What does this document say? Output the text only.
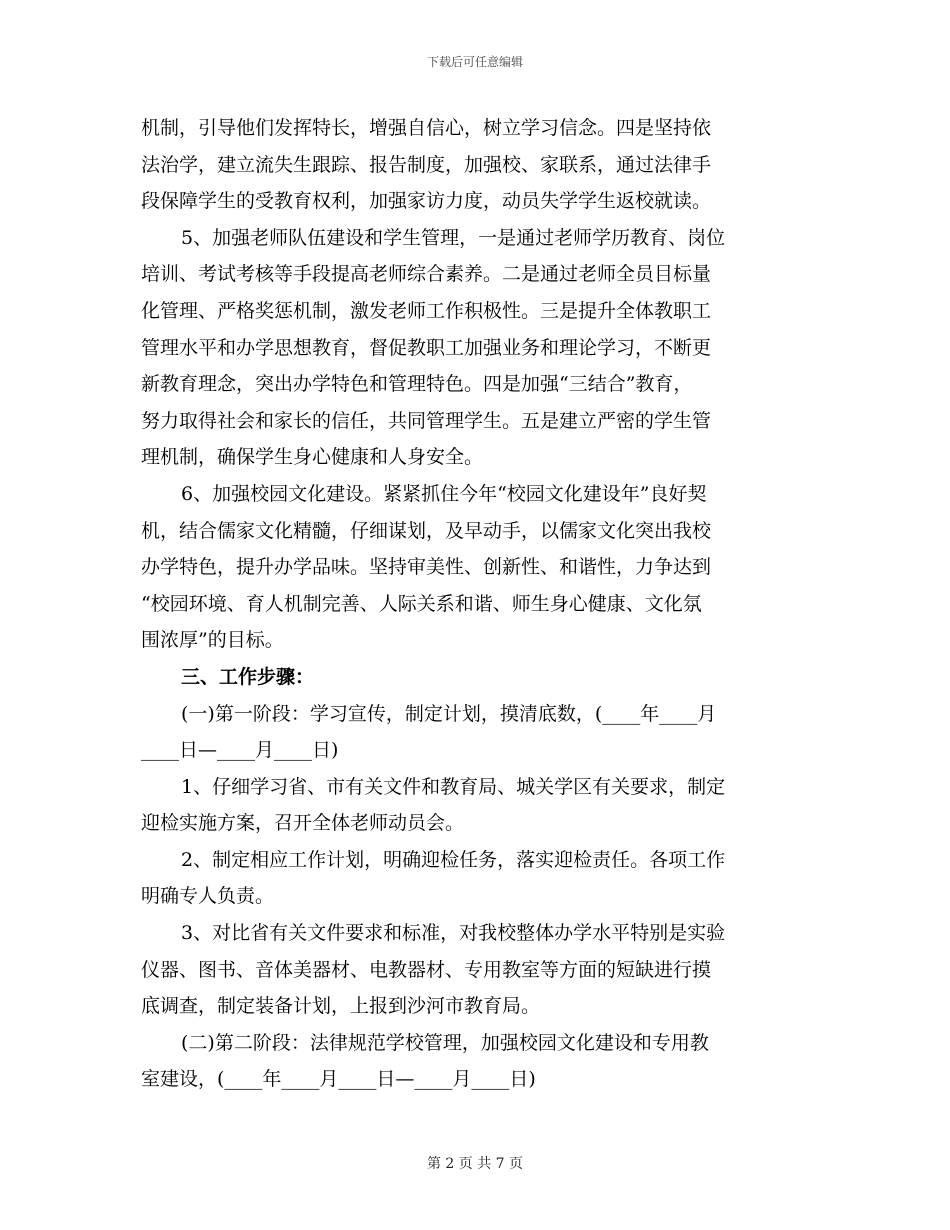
下载后可任意编辑
机制，引导他们发挥特长，增强自信心，树立学习信念。四是坚持依
法治学，建立流失生跟踪、报告制度，加强校、家联系，通过法律手
段保障学生的受教育权利，加强家访力度，动员失学学生返校就读。
5、加强老师队伍建设和学生管理，一是通过老师学历教育、岗位
培训、考试考核等手段提高老师综合素养。二是通过老师全员目标量
化管理、严格奖惩机制，激发老师工作积极性。三是提升全体教职工
管理水平和办学思想教育，督促教职工加强业务和理论学习，不断更
新教育理念，突出办学特色和管理特色。四是加强“三结合”教育，
努力取得社会和家长的信任，共同管理学生。五是建立严密的学生管
理机制，确保学生身心健康和人身安全。
6、加强校园文化建设。紧紧抓住今年“校园文化建设年”良好契
机，结合儒家文化精髓，仔细谋划，及早动手，以儒家文化突出我校
办学特色，提升办学品味。坚持审美性、创新性、和谐性，力争达到
“校园环境、育人机制完善、人际关系和谐、师生身心健康、文化氛
围浓厚”的目标。
三、工作步骤：
(一)第一阶段：学习宣传，制定计划，摸清底数，(____年____月
____日—____月____日)
1、仔细学习省、市有关文件和教育局、城关学区有关要求，制定
迎检实施方案，召开全体老师动员会。
2、制定相应工作计划，明确迎检任务，落实迎检责任。各项工作
明确专人负责。
3、对比省有关文件要求和标准，对我校整体办学水平特别是实验
仪器、图书、音体美器材、电教器材、专用教室等方面的短缺进行摸
底调查，制定装备计划，上报到沙河市教育局。
(二)第二阶段：法律规范学校管理，加强校园文化建设和专用教
室建设，(____年____月____日—____月____日)
第 2 页 共 7 页
